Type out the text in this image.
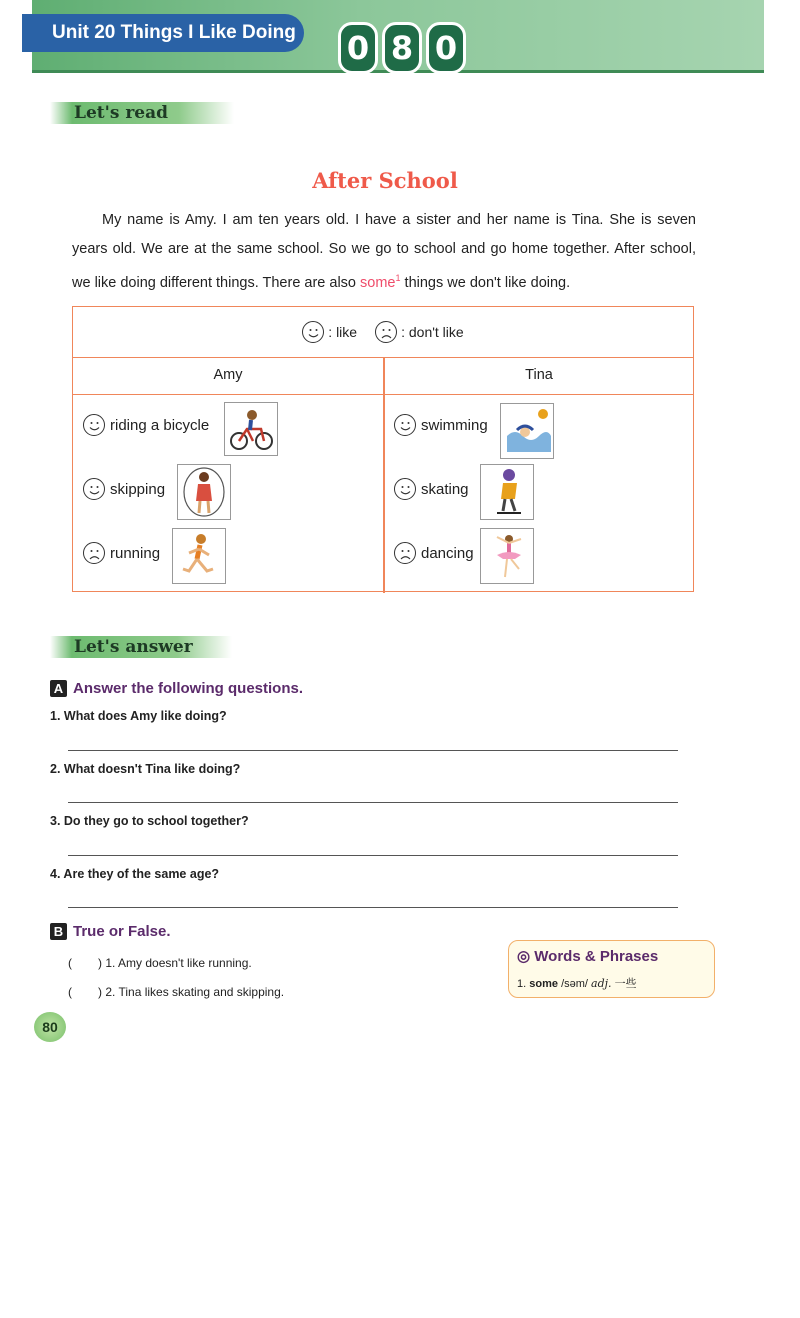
Unit 20 Things I Like Doing 0 8 0
Let's read
After School
My name is Amy. I am ten years old. I have a sister and her name is Tina. She is seven years old. We are at the same school. So we go to school and go home together. After school, we like doing different things. There are also some$^1$ things we don't like doing.
: like	: don't like
Amy	Tina
riding a bicycle
skipping
running
swimming
skating
dancing
Let's answer
A Answer the following questions.
1. What does Amy like doing?
2. What doesn't Tina like doing?
3. Do they go to school together?
4. Are they of the same age?
B True or False.
( ) 1. Amy doesn't like running.
( ) 2. Tina likes skating and skipping.
◎ Words & Phrases
1. some /səm/ adj. 一些
80
